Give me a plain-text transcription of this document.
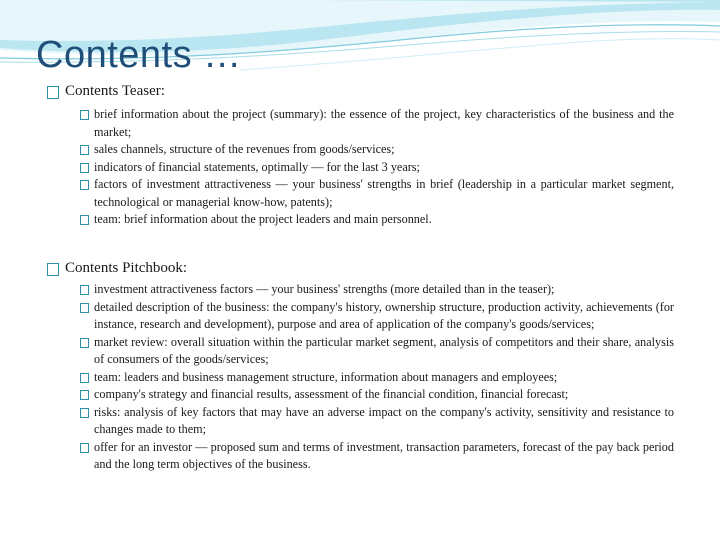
Contents …
Contents Teaser:
brief information about the project (summary): the essence of the project, key characteristics of the business and the market;
sales channels, structure of the revenues from goods/services;
indicators of financial statements, optimally — for the last 3 years;
factors of investment attractiveness — your business' strengths in brief (leadership in a particular market segment, technological or managerial know-how, patents);
team: brief information about the project leaders and main personnel.
Contents Pitchbook:
investment attractiveness factors — your business' strengths (more detailed than in the teaser);
detailed description of the business: the company's history, ownership structure, production activity, achievements (for instance, research and development), purpose and area of application of the company's goods/services;
market review: overall situation within the particular market segment, analysis of competitors and their share, analysis of consumers of the goods/services;
team: leaders and business management structure, information about managers and employees;
company's strategy and financial results, assessment of the financial condition, financial forecast;
risks: analysis of key factors that may have an adverse impact on the company's activity, sensitivity and resistance to changes made to them;
offer for an investor — proposed sum and terms of investment, transaction parameters, forecast of the pay back period and the long term objectives of the business.
